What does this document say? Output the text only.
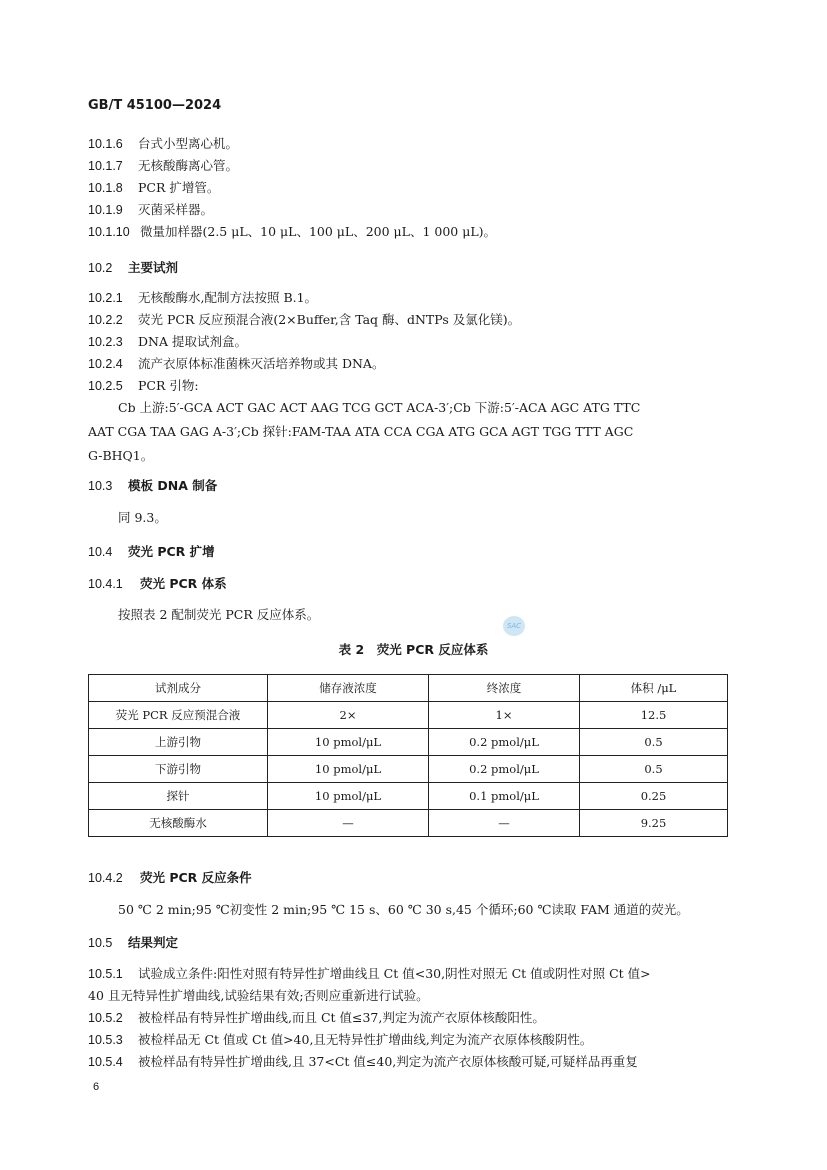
GB/T 45100—2024
10.1.6 台式小型离心机。
10.1.7 无核酸酶离心管。
10.1.8 PCR 扩增管。
10.1.9 灭菌采样器。
10.1.10 微量加样器(2.5 μL、10 μL、100 μL、200 μL、1 000 μL)。
10.2 主要试剂
10.2.1 无核酸酶水,配制方法按照 B.1。
10.2.2 荧光 PCR 反应预混合液(2×Buffer,含 Taq 酶、dNTPs 及氯化镁)。
10.2.3 DNA 提取试剂盒。
10.2.4 流产衣原体标准菌株灭活培养物或其 DNA。
10.2.5 PCR 引物:
Cb 上游:5′-GCA ACT GAC ACT AAG TCG GCT ACA-3′;Cb 下游:5′-ACA AGC ATG TTC
AAT CGA TAA GAG A-3′;Cb 探针:FAM-TAA ATA CCA CGA ATG GCA AGT TGG TTT AGC
G-BHQ1。
10.3 模板 DNA 制备
同 9.3。
10.4 荧光 PCR 扩增
10.4.1 荧光 PCR 体系
按照表 2 配制荧光 PCR 反应体系。
SAC
表 2　荧光 PCR 反应体系
试剂成分	储存液浓度	终浓度	体积 /μL
荧光 PCR 反应预混合液	2×	1×	12.5
上游引物	10 pmol/μL	0.2 pmol/μL	0.5
下游引物	10 pmol/μL	0.2 pmol/μL	0.5
探针	10 pmol/μL	0.1 pmol/μL	0.25
无核酸酶水	—	—	9.25
10.4.2 荧光 PCR 反应条件
50 ℃ 2 min;95 ℃初变性 2 min;95 ℃ 15 s、60 ℃ 30 s,45 个循环;60 ℃读取 FAM 通道的荧光。
10.5 结果判定
10.5.1 试验成立条件:阳性对照有特异性扩增曲线且 Ct 值<30,阴性对照无 Ct 值或阴性对照 Ct 值>
40 且无特异性扩增曲线,试验结果有效;否则应重新进行试验。
10.5.2 被检样品有特异性扩增曲线,而且 Ct 值≤37,判定为流产衣原体核酸阳性。
10.5.3 被检样品无 Ct 值或 Ct 值>40,且无特异性扩增曲线,判定为流产衣原体核酸阴性。
10.5.4 被检样品有特异性扩增曲线,且 37<Ct 值≤40,判定为流产衣原体核酸可疑,可疑样品再重复
6
